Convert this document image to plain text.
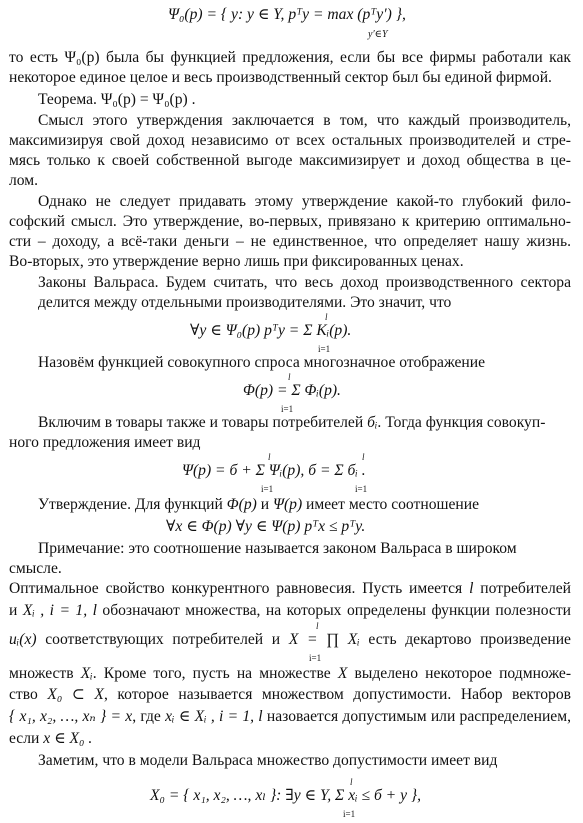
Ψ₀(p) = { y: y ∈ Y, pᵀy = max (pᵀy′) },
y′∈Y
то есть Ψ₀(p) была бы функцией предложения, если бы все фирмы работали как
некоторое единое целое и весь производственный сектор был бы единой фирмой.
Теорема. Ψ₀(p) = Ψ₀(p) .
Смысл этого утверждения заключается в том, что каждый производитель,
максимизируя свой доход независимо от всех остальных производителей и стре-
мясь только к своей собственной выгоде максимизирует и доход общества в це-
лом.
Однако не следует придавать этому утверждение какой-то глубокий фило-
софский смысл. Это утверждение, во-первых, привязано к критерию оптимально-
сти – доходу, а всё-таки деньги – не единственное, что определяет нашу жизнь.
Во-вторых, это утверждение верно лишь при фиксированных ценах.
Законы Вальраса. Будем считать, что весь доход производственного сектора
делится между отдельными производителями. Это значит, что
∀y ∈ Ψ₀(p) pᵀy = Σ Kᵢ(p).
l
i=1
Назовём функцией совокупного спроса многозначное отображение
Φ(p) = Σ Φᵢ(p).
l
i=1
Включим в товары также и товары потребителей бᵢ. Тогда функция совокуп-
ного предложения имеет вид
Ψ(p) = б + Σ Ψᵢ(p), б = Σ бᵢ .
l
i=1
l
i=1
Утверждение. Для функций Φ(p) и Ψ(p) имеет место соотношение
∀x ∈ Φ(p) ∀y ∈ Ψ(p) pᵀx ≤ pᵀy.
Примечание: это соотношение называется законом Вальраса в широком
смысле.
Оптимальное свойство конкурентного равновесия. Пусть имеется l потребителей
и Xᵢ , i = 1, l обозначают множества, на которых определены функции полезности
uᵢ(x) соответствующих потребителей и X = ∏ Xᵢ есть декартово произведение
l
i=1
множеств Xᵢ. Кроме того, пусть на множестве X выделено некоторое подмноже-
ство X₀ ⊂ X, которое называется множеством допустимости. Набор векторов
{ x₁, x₂, …, xₙ } = x, где xᵢ ∈ Xᵢ , i = 1, l назовается допустимым или распределением,
если x ∈ X₀ .
Заметим, что в модели Вальраса множество допустимости имеет вид
X₀ = { x₁, x₂, …, xₗ }: ∃y ∈ Y, Σ xᵢ ≤ б + y },
l
i=1
